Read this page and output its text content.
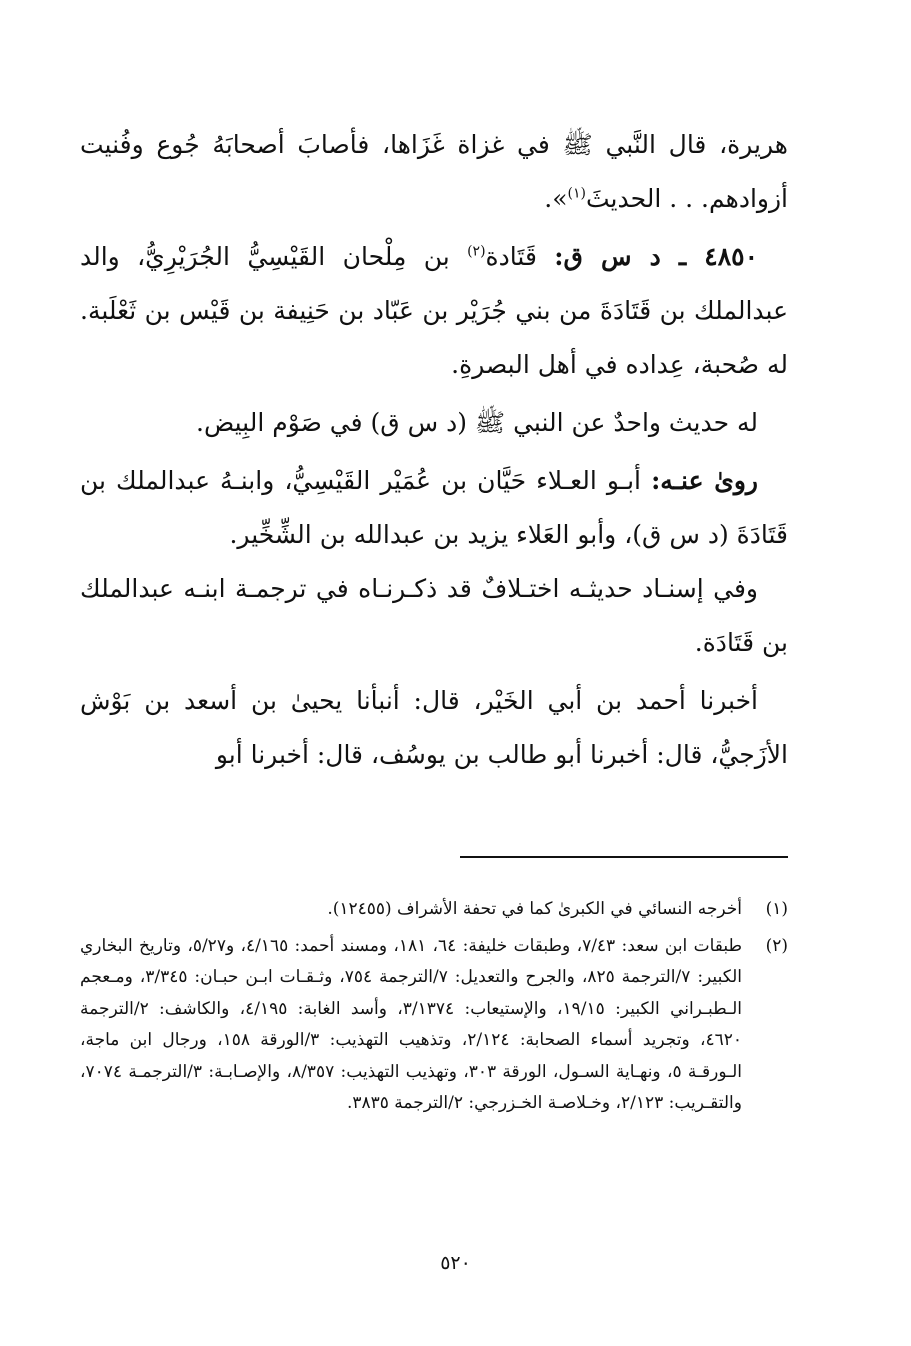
هريرة، قال النَّبي ﷺ في غزاة غَزَاها، فأصابَ أصحابَهُ جُوع وفُنيت أزوادهم. . . الحديثَ$^{(١)}$».

٤٨٥٠ ـ د س ق: قَتَادة$^{(٢)}$ بن مِلْحان القَيْسِيُّ الجُرَيْرِيُّ، والد عبدالملك بن قَتَادَةَ من بني جُرَيْر بن عَبّاد بن حَنِيفة بن قَيْس بن ثَعْلَبة. له صُحبة، عِداده في أهل البصرةِ.

له حديث واحدٌ عن النبي ﷺ (د س ق) في صَوْم البِيض.

روىٰ عنـه: أبـو العـلاء حَيَّان بن عُمَيْر القَيْسِيُّ، وابنـهُ عبدالملك بن قَتَادَةَ (د س ق)، وأبو العَلاء يزيد بن عبدالله بن الشِّخِّير.

وفي إسنـاد حديثـه اختـلافٌ قد ذكـرنـاه في ترجمـة ابنـه عبدالملك بن قَتَادَة.

أخبرنا أحمد بن أبي الخَيْر، قال: أنبأنا يحيىٰ بن أسعد بن بَوْش الأزَجيُّ، قال: أخبرنا أبو طالب بن يوسُف، قال: أخبرنا أبو

(١)
أخرجه النسائي في الكبرىٰ كما في تحفة الأشراف (١٢٤٥٥).
(٢)
طبقات ابن سعد: ٧/٤٣، وطبقات خليفة: ٦٤، ١٨١، ومسند أحمد: ٤/١٦٥، و٥/٢٧، وتاريخ البخاري الكبير: ٧/الترجمة ٨٢٥، والجرح والتعديل: ٧/الترجمة ٧٥٤، وثـقـات ابـن حبـان: ٣/٣٤٥، ومـعجم الـطبـراني الكبير: ١٩/١٥، والإستيعاب: ٣/١٣٧٤، وأسد الغابة: ٤/١٩٥، والكاشف: ٢/الترجمة ٤٦٢٠، وتجريد أسماء الصحابة: ٢/١٢٤، وتذهيب التهذيب: ٣/الورقة ١٥٨، ورجال ابن ماجة، الـورقـة ٥، ونهـاية السـول، الورقة ٣٠٣، وتهذيب التهذيب: ٨/٣٥٧، والإصـابـة: ٣/الترجمـة ٧٠٧٤، والتقـريب: ٢/١٢٣، وخـلاصـة الخـزرجي: ٢/الترجمة ٣٨٣٥.
٥٢٠
